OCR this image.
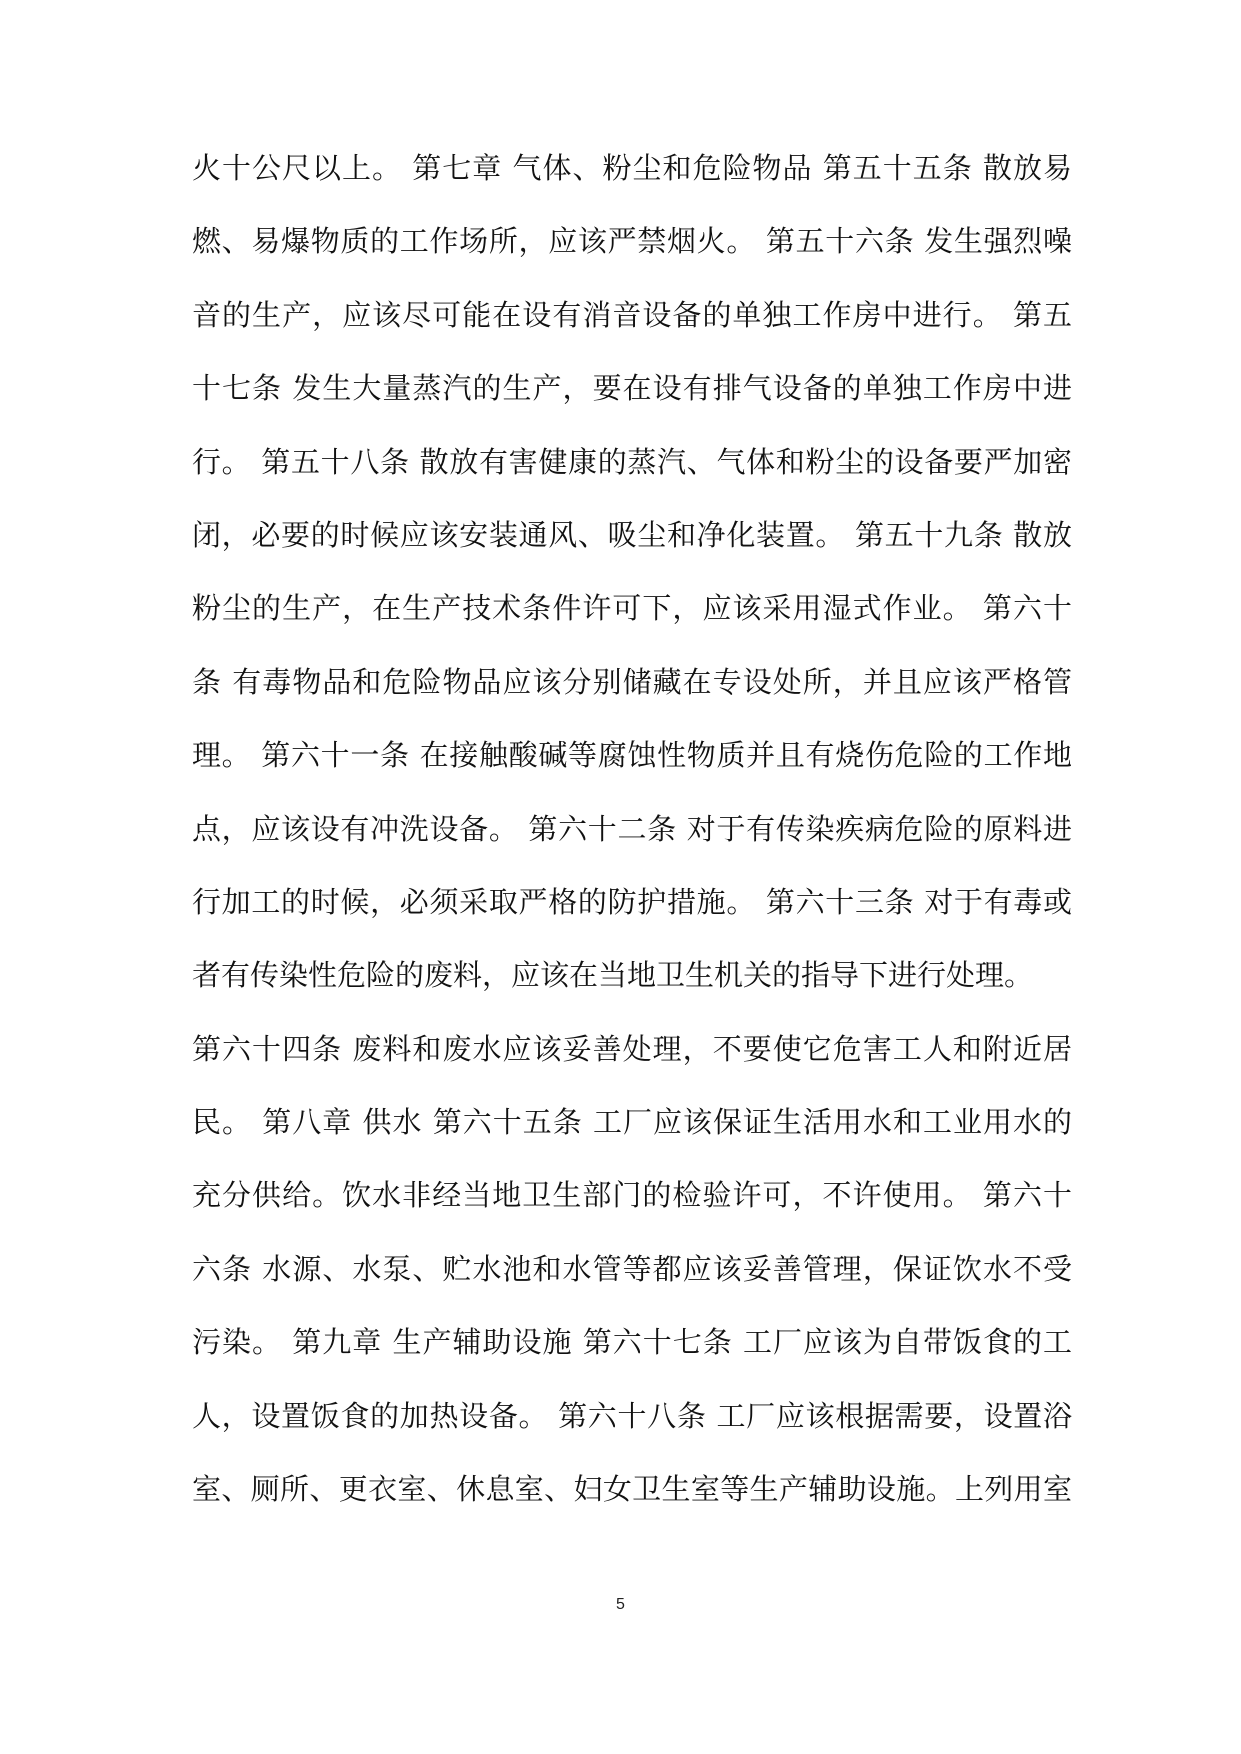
火十公尺以上。 第七章 气体、粉尘和危险物品 第五十五条 散放易
燃、易爆物质的工作场所，应该严禁烟火。 第五十六条 发生强烈噪
音的生产，应该尽可能在设有消音设备的单独工作房中进行。 第五
十七条 发生大量蒸汽的生产，要在设有排气设备的单独工作房中进
行。 第五十八条 散放有害健康的蒸汽、气体和粉尘的设备要严加密
闭，必要的时候应该安装通风、吸尘和净化装置。 第五十九条 散放
粉尘的生产，在生产技术条件许可下，应该采用湿式作业。 第六十
条 有毒物品和危险物品应该分别储藏在专设处所，并且应该严格管
理。 第六十一条 在接触酸碱等腐蚀性物质并且有烧伤危险的工作地
点，应该设有冲洗设备。 第六十二条 对于有传染疾病危险的原料进
行加工的时候，必须采取严格的防护措施。 第六十三条 对于有毒或
者有传染性危险的废料，应该在当地卫生机关的指导下进行处理。
第六十四条 废料和废水应该妥善处理，不要使它危害工人和附近居
民。 第八章 供水 第六十五条 工厂应该保证生活用水和工业用水的
充分供给。饮水非经当地卫生部门的检验许可，不许使用。 第六十
六条 水源、水泵、贮水池和水管等都应该妥善管理，保证饮水不受
污染。 第九章 生产辅助设施 第六十七条 工厂应该为自带饭食的工
人，设置饭食的加热设备。 第六十八条 工厂应该根据需要，设置浴
室、厕所、更衣室、休息室、妇女卫生室等生产辅助设施。上列用室
5
